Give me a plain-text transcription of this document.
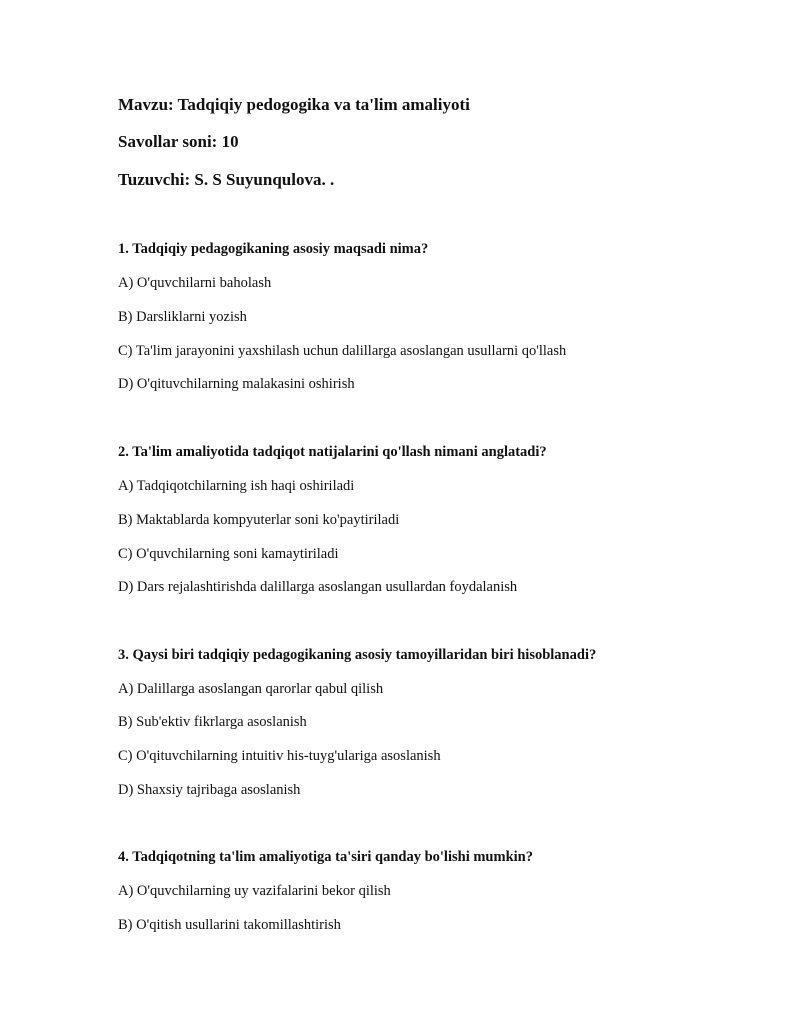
Mavzu: Tadqiqiy pedogogika va ta'lim amaliyoti
Savollar soni: 10
Tuzuvchi: S. S Suyunqulova. .
1. Tadqiqiy pedagogikaning asosiy maqsadi nima?
A) O'quvchilarni baholash
B) Darsliklarni yozish
C) Ta'lim jarayonini yaxshilash uchun dalillarga asoslangan usullarni qo'llash
D) O'qituvchilarning malakasini oshirish
2. Ta'lim amaliyotida tadqiqot natijalarini qo'llash nimani anglatadi?
A) Tadqiqotchilarning ish haqi oshiriladi
B) Maktablarda kompyuterlar soni ko'paytiriladi
C) O'quvchilarning soni kamaytiriladi
D) Dars rejalashtirishda dalillarga asoslangan usullardan foydalanish
3. Qaysi biri tadqiqiy pedagogikaning asosiy tamoyillaridan biri hisoblanadi?
A) Dalillarga asoslangan qarorlar qabul qilish
B) Sub'ektiv fikrlarga asoslanish
C) O'qituvchilarning intuitiv his-tuyg'ulariga asoslanish
D) Shaxsiy tajribaga asoslanish
4. Tadqiqotning ta'lim amaliyotiga ta'siri qanday bo'lishi mumkin?
A) O'quvchilarning uy vazifalarini bekor qilish
B) O'qitish usullarini takomillashtirish
